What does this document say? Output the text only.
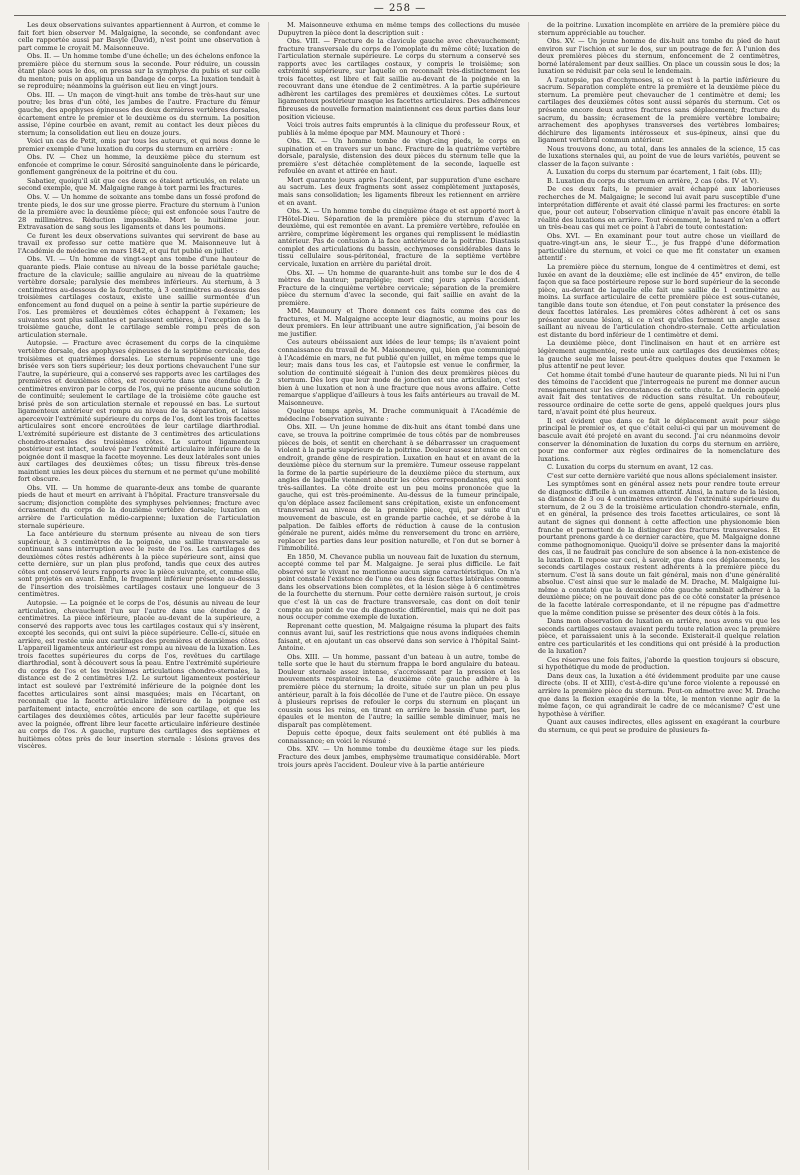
— 258 —

Les deux observations suivantes appartiennent à Aurron, et comme le fait fort bien observer M. Malgaigne, la seconde, se confondant avec celle rapportée aussi par Basyle (David), n'est point une observation à part comme le croyait M. Maisonneuve.

Obs. II. — Un homme tombe d'une échelle; un des échelons enfonce la première pièce du sternum sous la seconde. Pour réduire, un coussin étant placé sous le dos, on pressa sur la symphyse du pubis et sur celle du menton; puis on appliqua un bandage de corps. La luxation tendait à se reproduire; néanmoins la guérison eut lieu en vingt jours.

Obs. III. — Un maçon de vingt-huit ans tombe de très-haut sur une poutre; les bras d'un côté, les jambes de l'autre. Fracture du fémur gauche, des apophyses épineuses des deux dernières vertèbres dorsales, écartement entre le premier et le deuxième os du sternum. La position assise, l'épine courbée en avant, remit au contact les deux pièces du sternum; la consolidation eut lieu en douze jours.

Voici un cas de Petit, omis par tous les auteurs, et qui nous donne le premier exemple d'une luxation du corps du sternum en arrière :

Obs. IV. — Chez un homme, la deuxième pièce du sternum est enfoncée et comprime le cœur. Sérosité sanguinolente dans le péricarde, gonflement gangréneux de la poitrine et du cou.

Sabatier, quoiqu'il sût que ces deux os étaient articulés, en relate un second exemple, que M. Malgaigne range à tort parmi les fractures.

Obs. V. — Un homme de soixante ans tombe dans un fossé profond de trente pieds, le dos sur une grosse pierre. Fracture du sternum à l'union de la première avec la deuxième pièce; qui est enfoncée sous l'autre de 28 millimètres. Réduction impossible. Mort le huitième jour. Extravasation de sang sous les ligaments et dans les poumons.

Ce furent les deux observations suivantes qui servirent de base au travail ex professo sur cette matière que M. Maisonneuve lut à l'Académie de médecine en mars 1842, et qui fut publié en juillet :

Obs. VI. — Un homme de vingt-sept ans tombe d'une hauteur de quarante pieds. Plaie contuse au niveau de la bosse pariétale gauche; fracture de la clavicule; saillie angulaire au niveau de la quatrième vertèbre dorsale; paralysie des membres inférieurs. Au sternum, à 3 centimètres au-dessous de la fourchette, à 3 centimètres au-dessus des troisièmes cartilages costaux, existe une saillie surmontée d'un enfoncement au fond duquel on a peine à sentir la partie supérieure de l'os. Les premières et deuxièmes côtes échappent à l'examen; les suivantes sont plus saillantes et paraissent entières, à l'exception de la troisième gauche, dont le cartilage semble rompu près de son articulation sternale.

Autopsie. — Fracture avec écrasement du corps de la cinquième vertèbre dorsale, des apophyses épineuses de la septième cervicale, des troisièmes et quatrièmes dorsales. Le sternum représente une tige brisée vers son tiers supérieur; les deux portions chevauchent l'une sur l'autre, la supérieure, qui a conservé ses rapports avec les cartilages des premières et deuxièmes côtes, est recouverte dans une étendue de 2 centimètres environ par le corps de l'os, qui ne présente aucune solution de continuité; seulement le cartilage de la troisième côte gauche est brisé près de son articulation sternale et repoussé en bas. Le surtout ligamenteux antérieur est rompu au niveau de la séparation, et laisse apercevoir l'extrémité supérieure du corps de l'os, dont les trois facettes articulaires sont encore encroûtées de leur cartilage diarthrodial. L'extrémité supérieure est distante de 3 centimètres des articulations chondro-sternales des troisièmes côtes. Le surtout ligamenteux postérieur est intact, soulevé par l'extrémité articulaire inférieure de la poignée dont il masque la facette moyenne. Les deux latérales sont unies aux cartilages des deuxièmes côtes; un tissu fibreux très-dense maintient unies les deux pièces du sternum et ne permet qu'une mobilité fort obscure.

Obs. VII. — Un homme de quarante-deux ans tombe de quarante pieds de haut et meurt en arrivant à l'hôpital. Fracture transversale du sacrum; disjonction complète des symphyses pelviennes; fracture avec écrasement du corps de la douzième vertèbre dorsale; luxation en arrière de l'articulation médio-carpienne; luxation de l'articulation sternale supérieure.

La face antérieure du sternum présente au niveau de son tiers supérieur, à 3 centimètres de la poignée, une saillie transversale se continuant sans interruption avec le reste de l'os. Les cartilages des deuxièmes côtes restés adhérents à la pièce supérieure sont, ainsi que cette dernière, sur un plan plus profond, tandis que ceux des autres côtes ont conservé leurs rapports avec la pièce suivante, et, comme elle, sont projetés en avant. Enfin, le fragment inférieur présente au-dessus de l'insertion des troisièmes cartilages costaux une longueur de 3 centimètres.

Autopsie. — La poignée et le corps de l'os, désunis au niveau de leur articulation, chevauchent l'un sur l'autre dans une étendue de 2 centimètres. La pièce inférieure, placée au-devant de la supérieure, a conservé des rapports avec tous les cartilages costaux qui s'y insèrent, excepté les seconds, qui ont suivi la pièce supérieure. Celle-ci, située en arrière, est restée unie aux cartilages des premières et deuxièmes côtes. L'appareil ligamenteux antérieur est rompu au niveau de la luxation. Les trois facettes supérieures du corps de l'os, revêtues du cartilage diarthrodial, sont à découvert sous la peau. Entre l'extrémité supérieure du corps de l'os et les troisièmes articulations chondro-sternales, la distance est de 2 centimètres 1/2. Le surtout ligamenteux postérieur intact est soulevé par l'extrémité inférieure de la poignée dont les facettes articulaires sont ainsi masquées; mais en l'écartant, on reconnaît que la facette articulaire inférieure de la poignée est parfaitement intacte, encroûtée encore de son cartilage, et que les cartilages des deuxièmes côtes, articulés par leur facette supérieure avec la poignée, offrent libre leur facette articulaire inférieure destinée au corps de l'os. A gauche, rupture des cartilages des septièmes et huitièmes côtes près de leur insertion sternale : lésions graves des viscères.

M. Maisonneuve exhuma en même temps des collections du musée Dupuytren la pièce dont la description suit :

Obs. VIII. — Fracture de la clavicule gauche avec chevauchement; fracture transversale du corps de l'omoplate du même côté; luxation de l'articulation sternale supérieure. Le corps du sternum a conservé ses rapports avec les cartilages costaux, y compris le troisième; son extrémité supérieure, sur laquelle on reconnaît très-distinctement les trois facettes, est libre et fait saillie au-devant de la poignée en la recouvrant dans une étendue de 2 centimètres. A la partie supérieure adhèrent les cartilages des premières et deuxièmes côtes. Le surtout ligamenteux postérieur masque les facettes articulaires. Des adhérences fibreuses de nouvelle formation maintiennent ces deux parties dans leur position vicieuse.

Voici trois autres faits empruntés à la clinique du professeur Roux, et publiés à la même époque par MM. Maunoury et Thoré :

Obs. IX. — Un homme tombe de vingt-cinq pieds, le corps en supination et en travers sur un banc. Fracture de la quatrième vertèbre dorsale, paralysie, distension des deux pièces du sternum telle que la première s'est détachée complètement de la seconde, laquelle est refoulée en avant et attirée en haut.

Mort quarante jours après l'accident, par suppuration d'une eschare au sacrum. Les deux fragments sont assez complètement juxtaposés, mais sans consolidation; les ligaments fibreux les retiennent en arrière et en avant.

Obs. X. — Un homme tombe du cinquième étage et est apporté mort à l'Hôtel-Dieu. Séparation de la première pièce du sternum d'avec la deuxième, qui est remontée en avant. La première vertèbre, refoulée en arrière, comprime légèrement les organes qui remplissent le médiastin antérieur. Pas de contusion à la face antérieure de la poitrine. Diastasis complet des articulations du bassin, ecchymoses considérables dans le tissu cellulaire sous-péritonéal, fracture de la septième vertèbre cervicale, luxation en arrière du pariétal droit.

Obs. XI. — Un homme de quarante-huit ans tombe sur le dos de 4 mètres de hauteur; paraplégie; mort cinq jours après l'accident. Fracture de la cinquième vertèbre cervicale; séparation de la première pièce du sternum d'avec la seconde, qui fait saillie en avant de la première.

MM. Maunoury et Thore donnent ces faits comme des cas de fractures, et M. Malgaigne accepte leur diagnostic, au moins pour les deux premiers. En leur attribuant une autre signification, j'ai besoin de me justifier.

Ces auteurs obéissaient aux idées de leur temps; ils n'avaient point connaissance du travail de M. Maisonneuve, qui, bien que communiqué à l'Académie en mars, ne fut publié qu'en juillet, en même temps que le leur; mais dans tous les cas, et l'autopsie est venue le confirmer, la solution de continuité siégeait à l'union des deux premières pièces du sternum. Dès lors que leur mode de jonction est une articulation, c'est bien à une luxation et non à une fracture que nous avons affaire. Cette remarque s'applique d'ailleurs à tous les faits antérieurs au travail de M. Maisonneuve.

Quelque temps après, M. Drache communiquait à l'Académie de médecine l'observation suivante :

Obs. XII. — Un jeune homme de dix-huit ans étant tombé dans une cave, se trouva la poitrine comprimée de tous côtés par de nombreuses pièces de bois, et sentit en cherchant à se débarrasser un craquement violent à la partie supérieure de la poitrine. Douleur assez intense en cet endroit, grande gêne de respiration. Luxation en haut et en avant de la deuxième pièce du sternum sur la première. Tumeur osseuse rappelant la forme de la partie supérieure de la deuxième pièce du sternum, aux angles de laquelle viennent aboutir les côtes correspondantes, qui sont très-saillantes. La côte droite est un peu moins prononcée que la gauche, qui est très-proéminente. Au-dessus de la tumeur principale, qu'on déplace assez facilement sans crépitation, existe un enfoncement transversal au niveau de la première pièce, qui, par suite d'un mouvement de bascule, est en grande partie cachée, et se dérobe à la palpation. De faibles efforts de réduction à cause de la contusion générale ne purent, aidés même du renversement du tronc en arrière, replacer les parties dans leur position naturelle, et l'on dut se borner à l'immobilité.

En 1850, M. Chevance publia un nouveau fait de luxation du sternum, accepté comme tel par M. Malgaigne. Je serai plus difficile. Le fait observé sur le vivant ne mentionne aucun signe caractéristique. On n'a point constaté l'existence de l'une ou des deux facettes latérales comme dans les observations bien complètes, et la lésion siège à 6 centimètres de la fourchette du sternum. Pour cette dernière raison surtout, je crois que c'est là un cas de fracture transversale, cas dont on doit tenir compte au point de vue du diagnostic différentiel, mais qui ne doit pas nous occuper comme exemple de luxation.

Reprenant cette question, M. Malgaigne résuma la plupart des faits connus avant lui, sauf les restrictions que nous avons indiquées chemin faisant, et en ajoutant un cas observé dans son service à l'hôpital Saint-Antoine.

Obs. XIII. — Un homme, passant d'un bateau à un autre, tombe de telle sorte que le haut du sternum frappa le bord angulaire du bateau. Douleur sternale assez intense, s'accroissant par la pression et les mouvements respiratoires. La deuxième côte gauche adhère à la première pièce du sternum; la droite, située sur un plan un peu plus antérieur, paraît à la fois décollée de l'une et de l'autre pièce. On essaye à plusieurs reprises de refouler le corps du sternum en plaçant un coussin sous les reins, en tirant en arrière le bassin d'une part, les épaules et le menton de l'autre; la saillie semble diminuer, mais ne disparaît pas complètement.

Depuis cette époque, deux faits seulement ont été publiés à ma connaissance; en voici le résumé :

Obs. XIV. — Un homme tombe du deuxième étage sur les pieds. Fracture des deux jambes, emphysème traumatique considérable. Mort trois jours après l'accident. Douleur vive à la partie antérieure

de la poitrine. Luxation incomplète en arrière de la première pièce du sternum appréciable au toucher.

Obs. XV. — Un jeune homme de dix-huit ans tombe du pied de haut environ sur l'ischion et sur le dos, sur un poutrage de fer. A l'union des deux premières pièces du sternum, enfoncement de 2 centimètres, borné latéralement par deux saillies. On place un coussin sous le dos; la luxation se réduisit par cela seul le lendemain.

A l'autopsie, pas d'ecchymoses, si ce n'est à la partie inférieure du sacrum. Séparation complète entre la première et la deuxième pièce du sternum. La première peut chevaucher de 1 centimètre et demi; les cartilages des deuxièmes côtes sont aussi séparés du sternum. Cet os présente encore deux autres fractures sans déplacement; fracture du sacrum, du bassin; écrasement de la première vertèbre lombaire; arrachement des apophyses transverses des vertèbres lombaires; déchirure des ligaments intérosseux et sus-épineux, ainsi que du ligament vertébral commun antérieur.

Nous trouvons donc, au total, dans les annales de la science, 15 cas de luxations sternales qui, au point de vue de leurs variétés, peuvent se classer de la façon suivante :

A. Luxation du corps du sternum par écartement, 1 fait (obs. III);

B. Luxation du corps du sternum en arrière, 2 cas (obs. IV et V).

De ces deux faits, le premier avait échappé aux laborieuses recherches de M. Malgaigne; le second lui avait paru susceptible d'une interprétation différente et avait été classé parmi les fractures: en sorte que, pour cet auteur, l'observation clinique n'avait pas encore établi la réalité des luxations en arrière. Tout récemment, le hasard m'en a offert un très-beau cas qui met ce point à l'abri de toute contestation:

Obs. XVI. — En examinant pour tout autre chose un vieillard de quatre-vingt-un ans, le sieur T..., je fus frappé d'une déformation particulière du sternum, et voici ce que me fit constater un examen attentif :

La première pièce du sternum, longue de 4 centimètres et demi, est luxée en avant de la deuxième; elle est inclinée de 45° environ, de telle façon que sa face postérieure repose sur le bord supérieur de la seconde pièce, au-devant de laquelle elle fait une saillie de 1 centimètre au moins. La surface articulaire de cette première pièce est sous-cutanée, tangible dans toute son étendue, et l'on peut constater la présence des deux facettes latérales. Les premières côtes adhèrent à cet os sans présenter aucune lésion, si ce n'est qu'elles forment un angle assez saillant au niveau de l'articulation chondro-sternale. Cette articulation est distante du bord inférieur de 1 centimètre et demi.

La deuxième pièce, dont l'inclinaison en haut et en arrière est légèrement augmentée, reste unie aux cartilages des deuxièmes côtes; la gauche seule me laisse peut-être quelques doutes que l'examen le plus attentif ne peut lever.

Cet homme était tombé d'une hauteur de quarante pieds. Ni lui ni l'un des témoins de l'accident que j'interrogeais ne purent me donner aucun renseignement sur les circonstances de cette chute. Le médecin appelé avait fait des tentatives de réduction sans résultat. Un rebouteur, ressource ordinaire de cette sorte de gens, appelé quelques jours plus tard, n'avait point été plus heureux.

Il est évident que dans ce fait le déplacement avait pour siège principal le premier os, et que c'était celui-ci qui par un mouvement de bascule avait été projeté en avant du second. J'ai cru néanmoins devoir conserver la dénomination de luxation du corps du sternum en arrière, pour me conformer aux règles ordinaires de la nomenclature des luxations.

C. Luxation du corps du sternum en avant, 12 cas.

C'est sur cette dernière variété que nous allons spécialement insister.

Les symptômes sont en général assez nets pour rendre toute erreur de diagnostic difficile à un examen attentif. Ainsi, la nature de la lésion, sa distance de 3 ou 4 centimètres environ de l'extrémité supérieure du sternum, de 2 ou 3 de la troisième articulation chondro-sternale, enfin, et en général, la présence des trois facettes articulaires, ce sont là autant de signes qui donnent à cette affection une physionomie bien franche et permettent de la distinguer des fractures transversales. Et pourtant prenons garde à ce dernier caractère, que M. Malgaigne donne comme pathognomonique. Quoiqu'il doive se présenter dans la majorité des cas, il ne faudrait pas conclure de son absence à la non-existence de la luxation. Il repose sur ceci, à savoir, que dans ces déplacements, les seconds cartilages costaux restent adhérents à la première pièce du sternum. C'est là sans doute un fait général, mais non d'une généralité absolue. C'est ainsi que sur le malade de M. Drache, M. Malgaigne lui-même a constaté que la deuxième côte gauche semblait adhérer à la deuxième pièce; on ne pouvait donc pas de ce côté constater la présence de la facette latérale correspondante, et il ne répugne pas d'admettre que la même condition puisse se présenter des deux côtés à la fois.

Dans mon observation de luxation en arrière, nous avons vu que les seconds cartilages costaux avaient perdu toute relation avec la première pièce, et paraissaient unis à la seconde. Existerait-il quelque relation entre ces particularités et les conditions qui ont présidé à la production de la luxation?

Ces réserves une fois faites, j'aborde la question toujours si obscure, si hypothétique du mode de production.

Dans deux cas, la luxation a été évidemment produite par une cause directe (obs. II et XIII), c'est-à-dire qu'une force violente a repoussé en arrière la première pièce du sternum. Peut-on admettre avec M. Drache que dans la flexion exagérée de la tête, le menton vienne agir de la même façon, ce qui agrandirait le cadre de ce mécanisme? C'est une hypothèse à vérifier.

Quant aux causes indirectes, elles agissent en exagérant la courbure du sternum, ce qui peut se produire de plusieurs fa-
